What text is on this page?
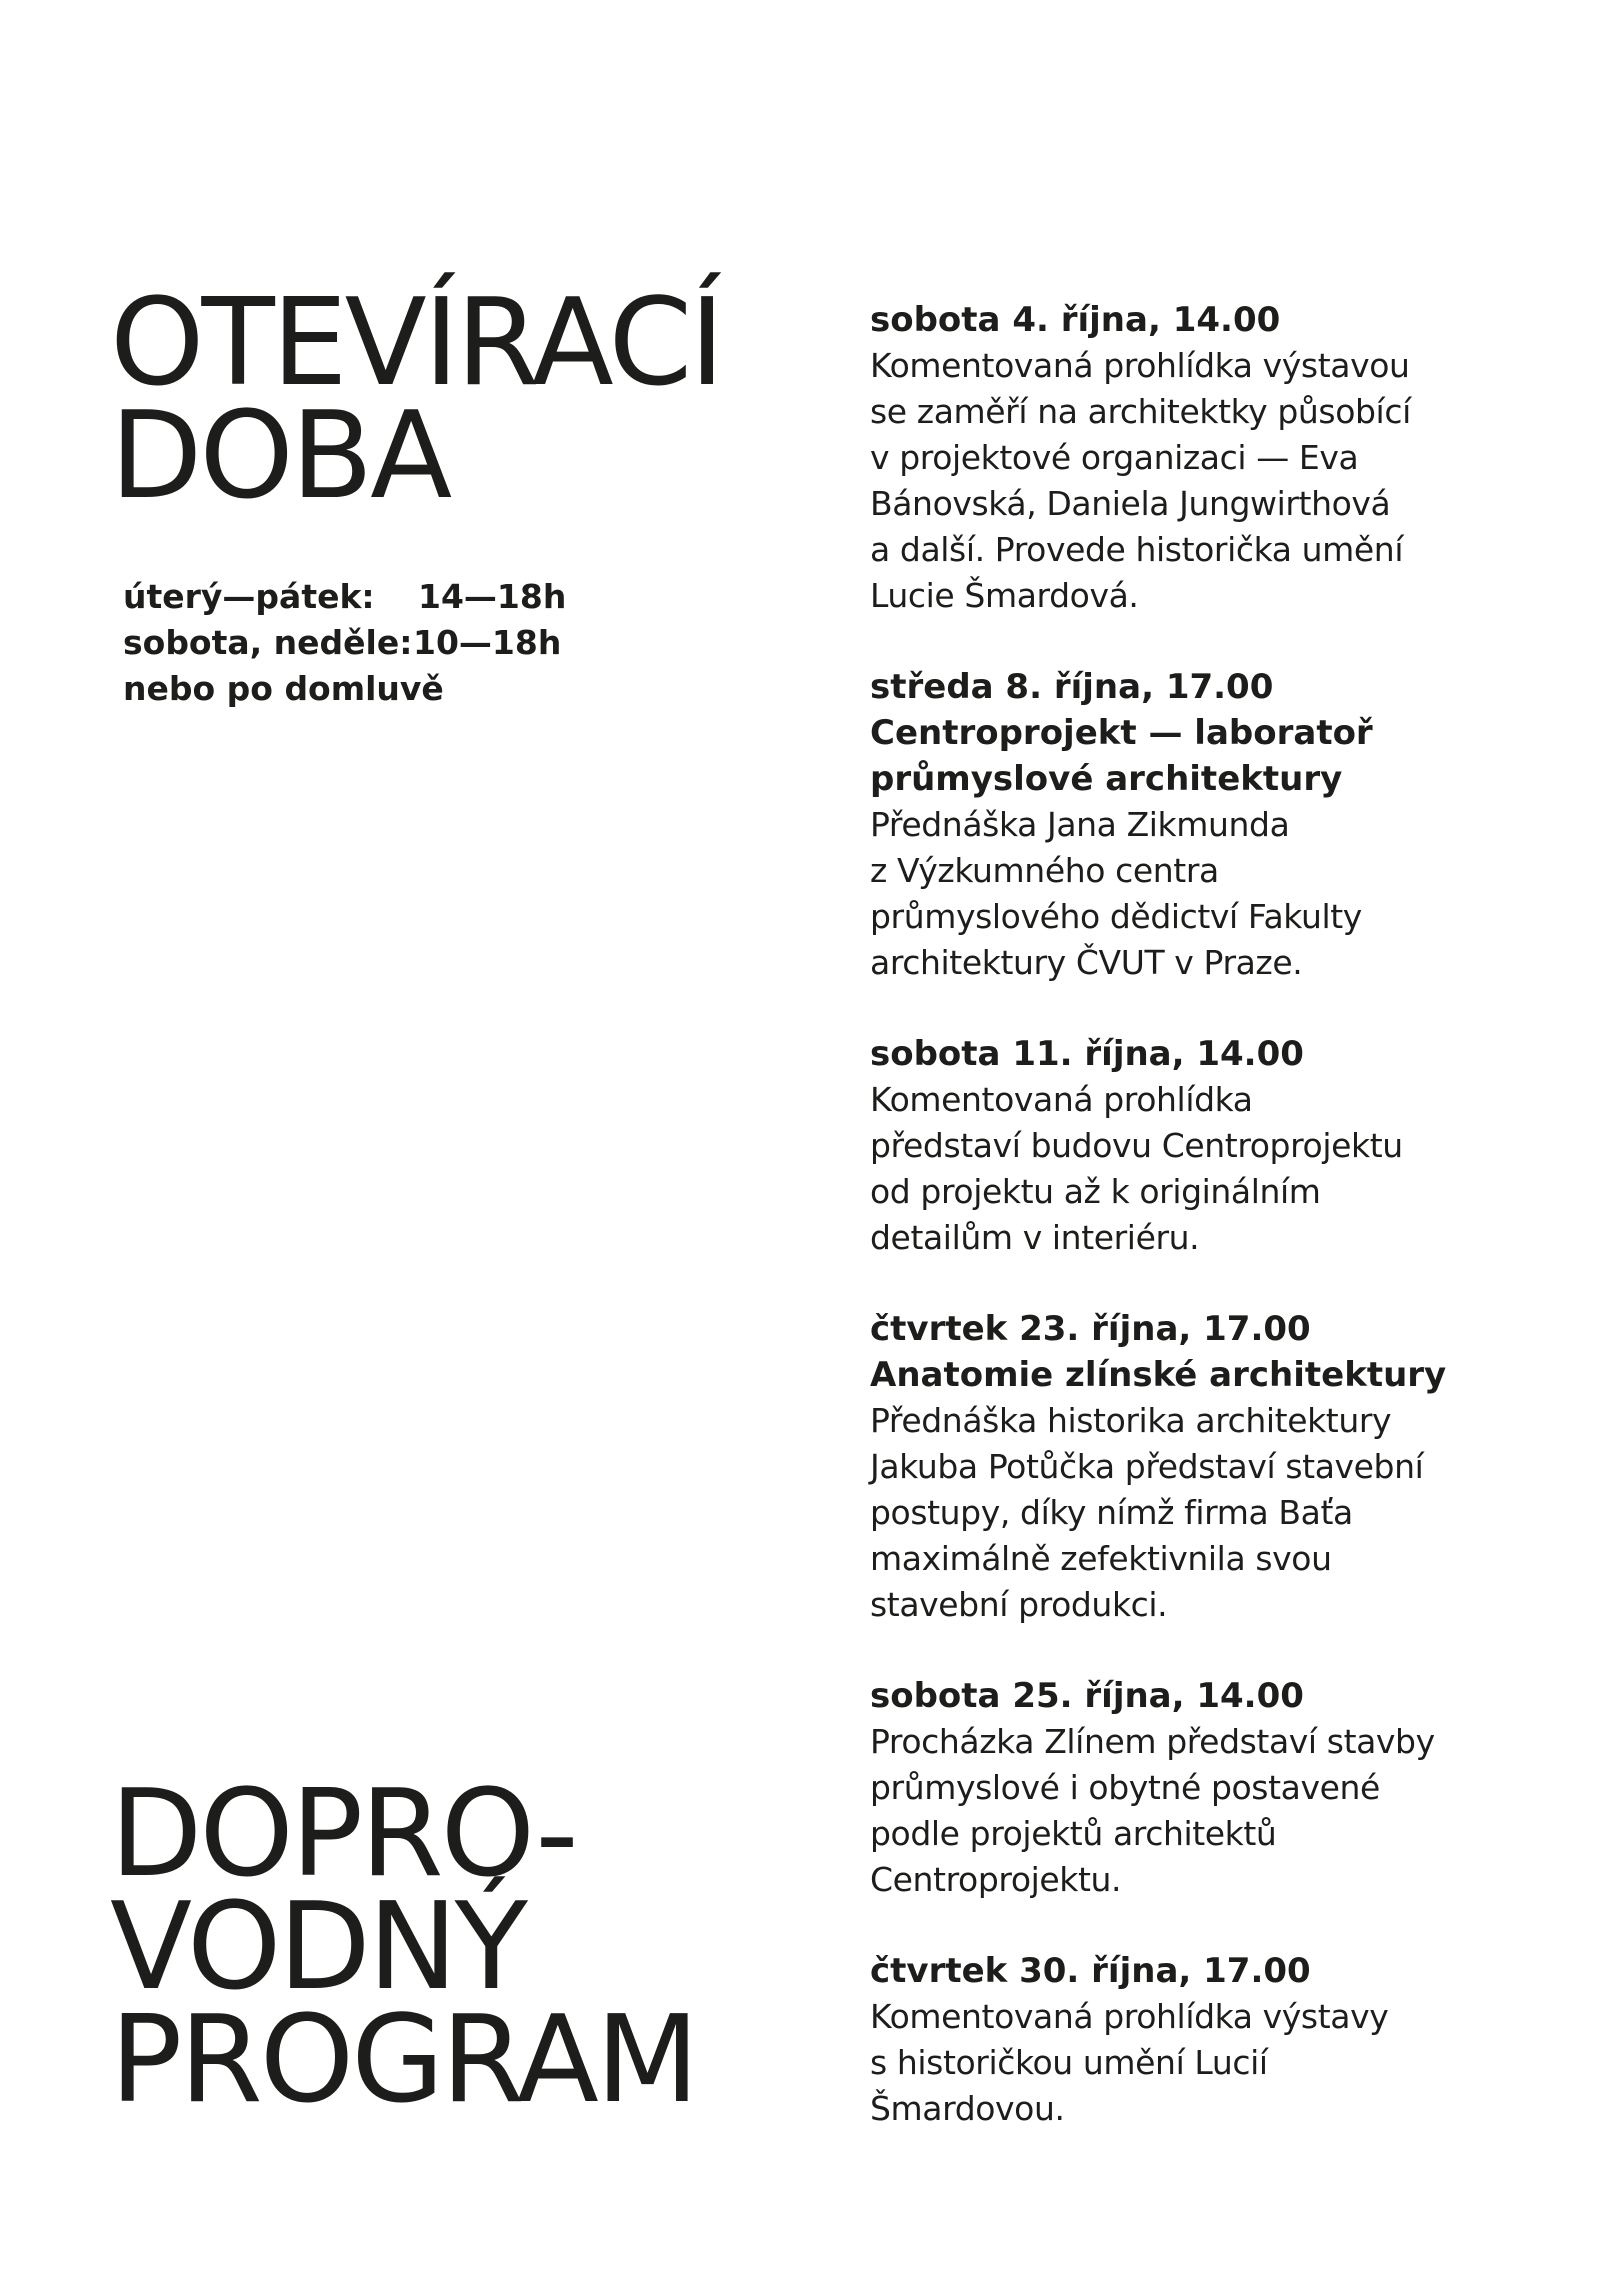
OTEVÍRACÍ
DOBA
úterý—pátek:	14—18h
sobota, neděle: 10—18h
nebo po domluvě
DOPRO-
VODNÝ
PROGRAM
sobota 4. října, 14.00
Komentovaná prohlídka výstavou
se zaměří na architektky působící
v projektové organizaci — Eva
Bánovská, Daniela Jungwirthová
a další. Provede historička umění
Lucie Šmardová.
středa 8. října, 17.00
Centroprojekt — laboratoř
průmyslové architektury
Přednáška Jana Zikmunda
z Výzkumného centra
průmyslového dědictví Fakulty
architektury ČVUT v Praze.
sobota 11. října, 14.00
Komentovaná prohlídka
představí budovu Centroprojektu
od projektu až k originálním
detailům v interiéru.
čtvrtek 23. října, 17.00
Anatomie zlínské architektury
Přednáška historika architektury
Jakuba Potůčka představí stavební
postupy, díky nímž firma Baťa
maximálně zefektivnila svou
stavební produkci.
sobota 25. října, 14.00
Procházka Zlínem představí stavby
průmyslové i obytné postavené
podle projektů architektů
Centroprojektu.
čtvrtek 30. října, 17.00
Komentovaná prohlídka výstavy
s historičkou umění Lucií
Šmardovou.
